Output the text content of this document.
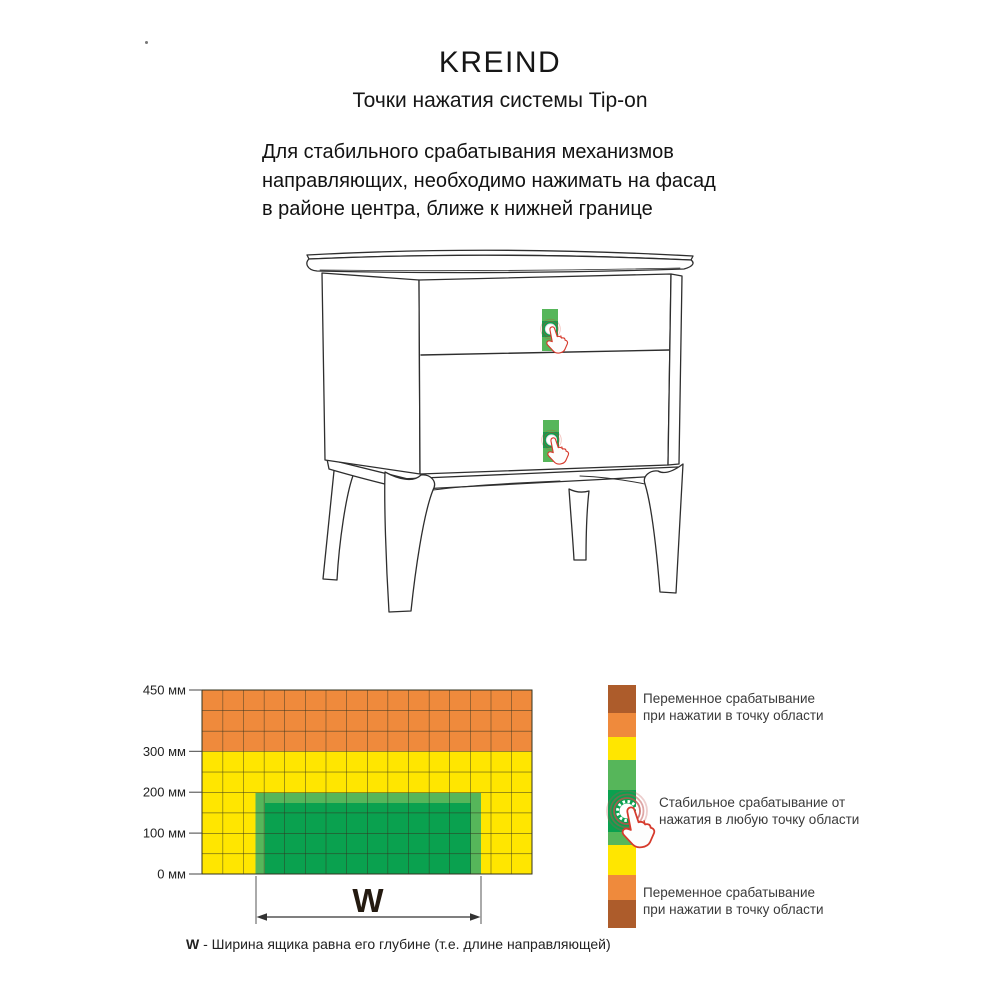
KREIND
Точки нажатия системы Tip-on
Для стабильного срабатывания механизмов
направляющих, необходимо нажимать на фасад
в районе центра, ближе к нижней границе
450 мм
300 мм
200 мм
100 мм
0 мм
W
W - Ширина ящика равна его глубине (т.е. длине направляющей)
Переменное срабатывание
при нажатии в точку области
Стабильное срабатывание от
нажатия в любую точку области
Переменное срабатывание
при нажатии в точку области
